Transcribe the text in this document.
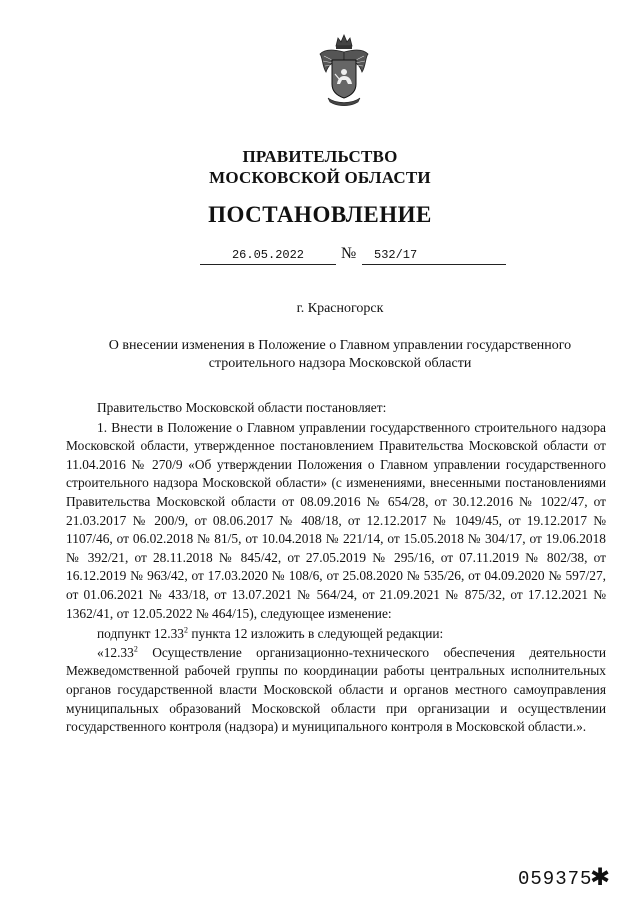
ПРАВИТЕЛЬСТВО
МОСКОВСКОЙ ОБЛАСТИ
ПОСТАНОВЛЕНИЕ
26.05.2022	№	532/17
г. Красногорск
О внесении изменения в Положение о Главном управлении государственного
строительного надзора Московской области

Правительство Московской области постановляет:

1. Внести в Положение о Главном управлении государственного строительного надзора Московской области, утвержденное постановлением Правительства Московской области от 11.04.2016 № 270/9 «Об утверждении Положения о Главном управлении государственного строительного надзора Московской области» (с изменениями, внесенными постановлениями Правительства Московской области от 08.09.2016 № 654/28, от 30.12.2016 № 1022/47, от 21.03.2017 № 200/9, от 08.06.2017 № 408/18, от 12.12.2017 № 1049/45, от 19.12.2017 № 1107/46, от 06.02.2018 № 81/5, от 10.04.2018 № 221/14, от 15.05.2018 № 304/17, от 19.06.2018 № 392/21, от 28.11.2018 № 845/42, от 27.05.2019 № 295/16, от 07.11.2019 № 802/38, от 16.12.2019 № 963/42, от 17.03.2020 № 108/6, от 25.08.2020 № 535/26, от 04.09.2020 № 597/27, от 01.06.2021 № 433/18, от 13.07.2021 № 564/24, от 21.09.2021 № 875/32, от 17.12.2021 № 1362/41, от 12.05.2022 № 464/15), следующее изменение:

подпункт 12.33$^2$ пункта 12 изложить в следующей редакции:

«12.33$^2$ Осуществление организационно-технического обеспечения деятельности Межведомственной рабочей группы по координации работы центральных исполнительных органов государственной власти Московской области и органов местного самоуправления муниципальных образований Московской области при организации и осуществлении государственного контроля (надзора) и муниципального контроля в Московской области.».

059375
✱
